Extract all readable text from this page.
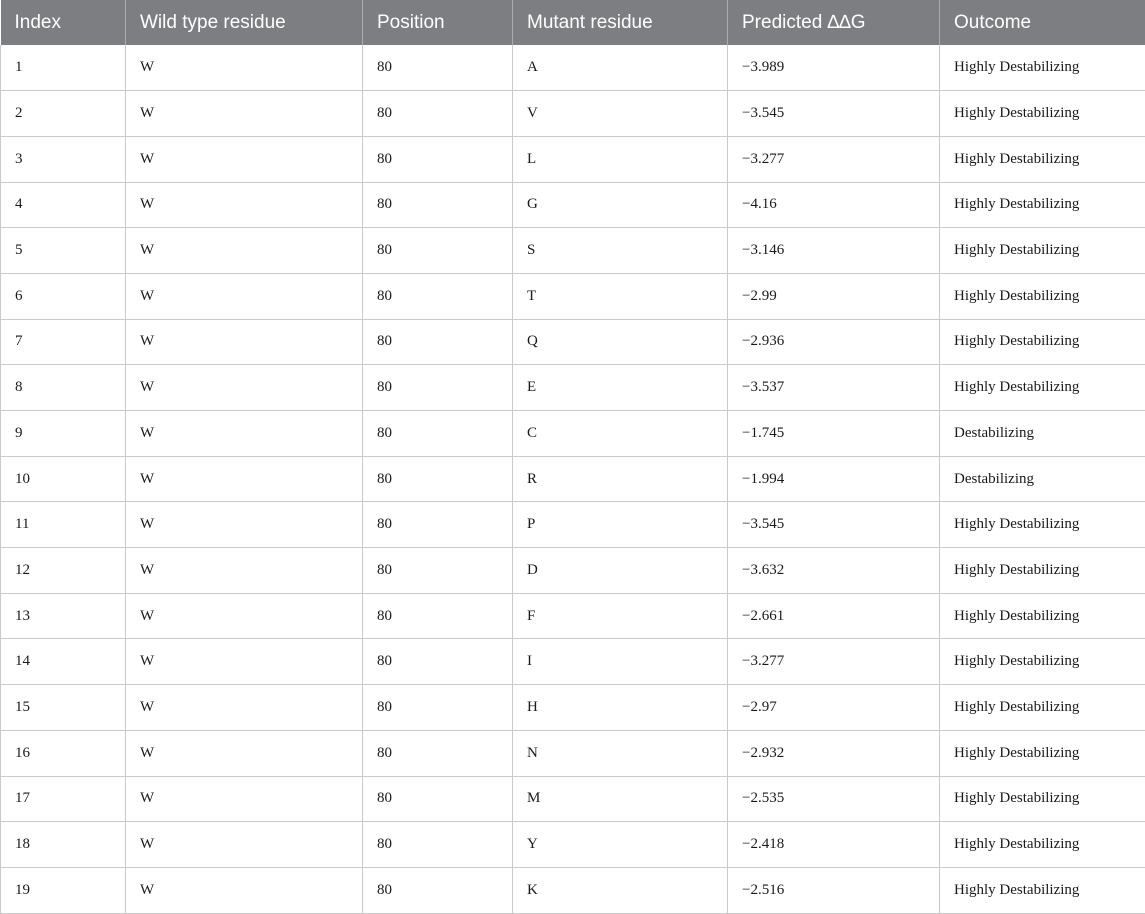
Index	Wild type residue	Position	Mutant residue	Predicted ∆∆G	Outcome
1	W	80	A	−3.989	Highly Destabilizing
2	W	80	V	−3.545	Highly Destabilizing
3	W	80	L	−3.277	Highly Destabilizing
4	W	80	G	−4.16	Highly Destabilizing
5	W	80	S	−3.146	Highly Destabilizing
6	W	80	T	−2.99	Highly Destabilizing
7	W	80	Q	−2.936	Highly Destabilizing
8	W	80	E	−3.537	Highly Destabilizing
9	W	80	C	−1.745	Destabilizing
10	W	80	R	−1.994	Destabilizing
11	W	80	P	−3.545	Highly Destabilizing
12	W	80	D	−3.632	Highly Destabilizing
13	W	80	F	−2.661	Highly Destabilizing
14	W	80	I	−3.277	Highly Destabilizing
15	W	80	H	−2.97	Highly Destabilizing
16	W	80	N	−2.932	Highly Destabilizing
17	W	80	M	−2.535	Highly Destabilizing
18	W	80	Y	−2.418	Highly Destabilizing
19	W	80	K	−2.516	Highly Destabilizing
